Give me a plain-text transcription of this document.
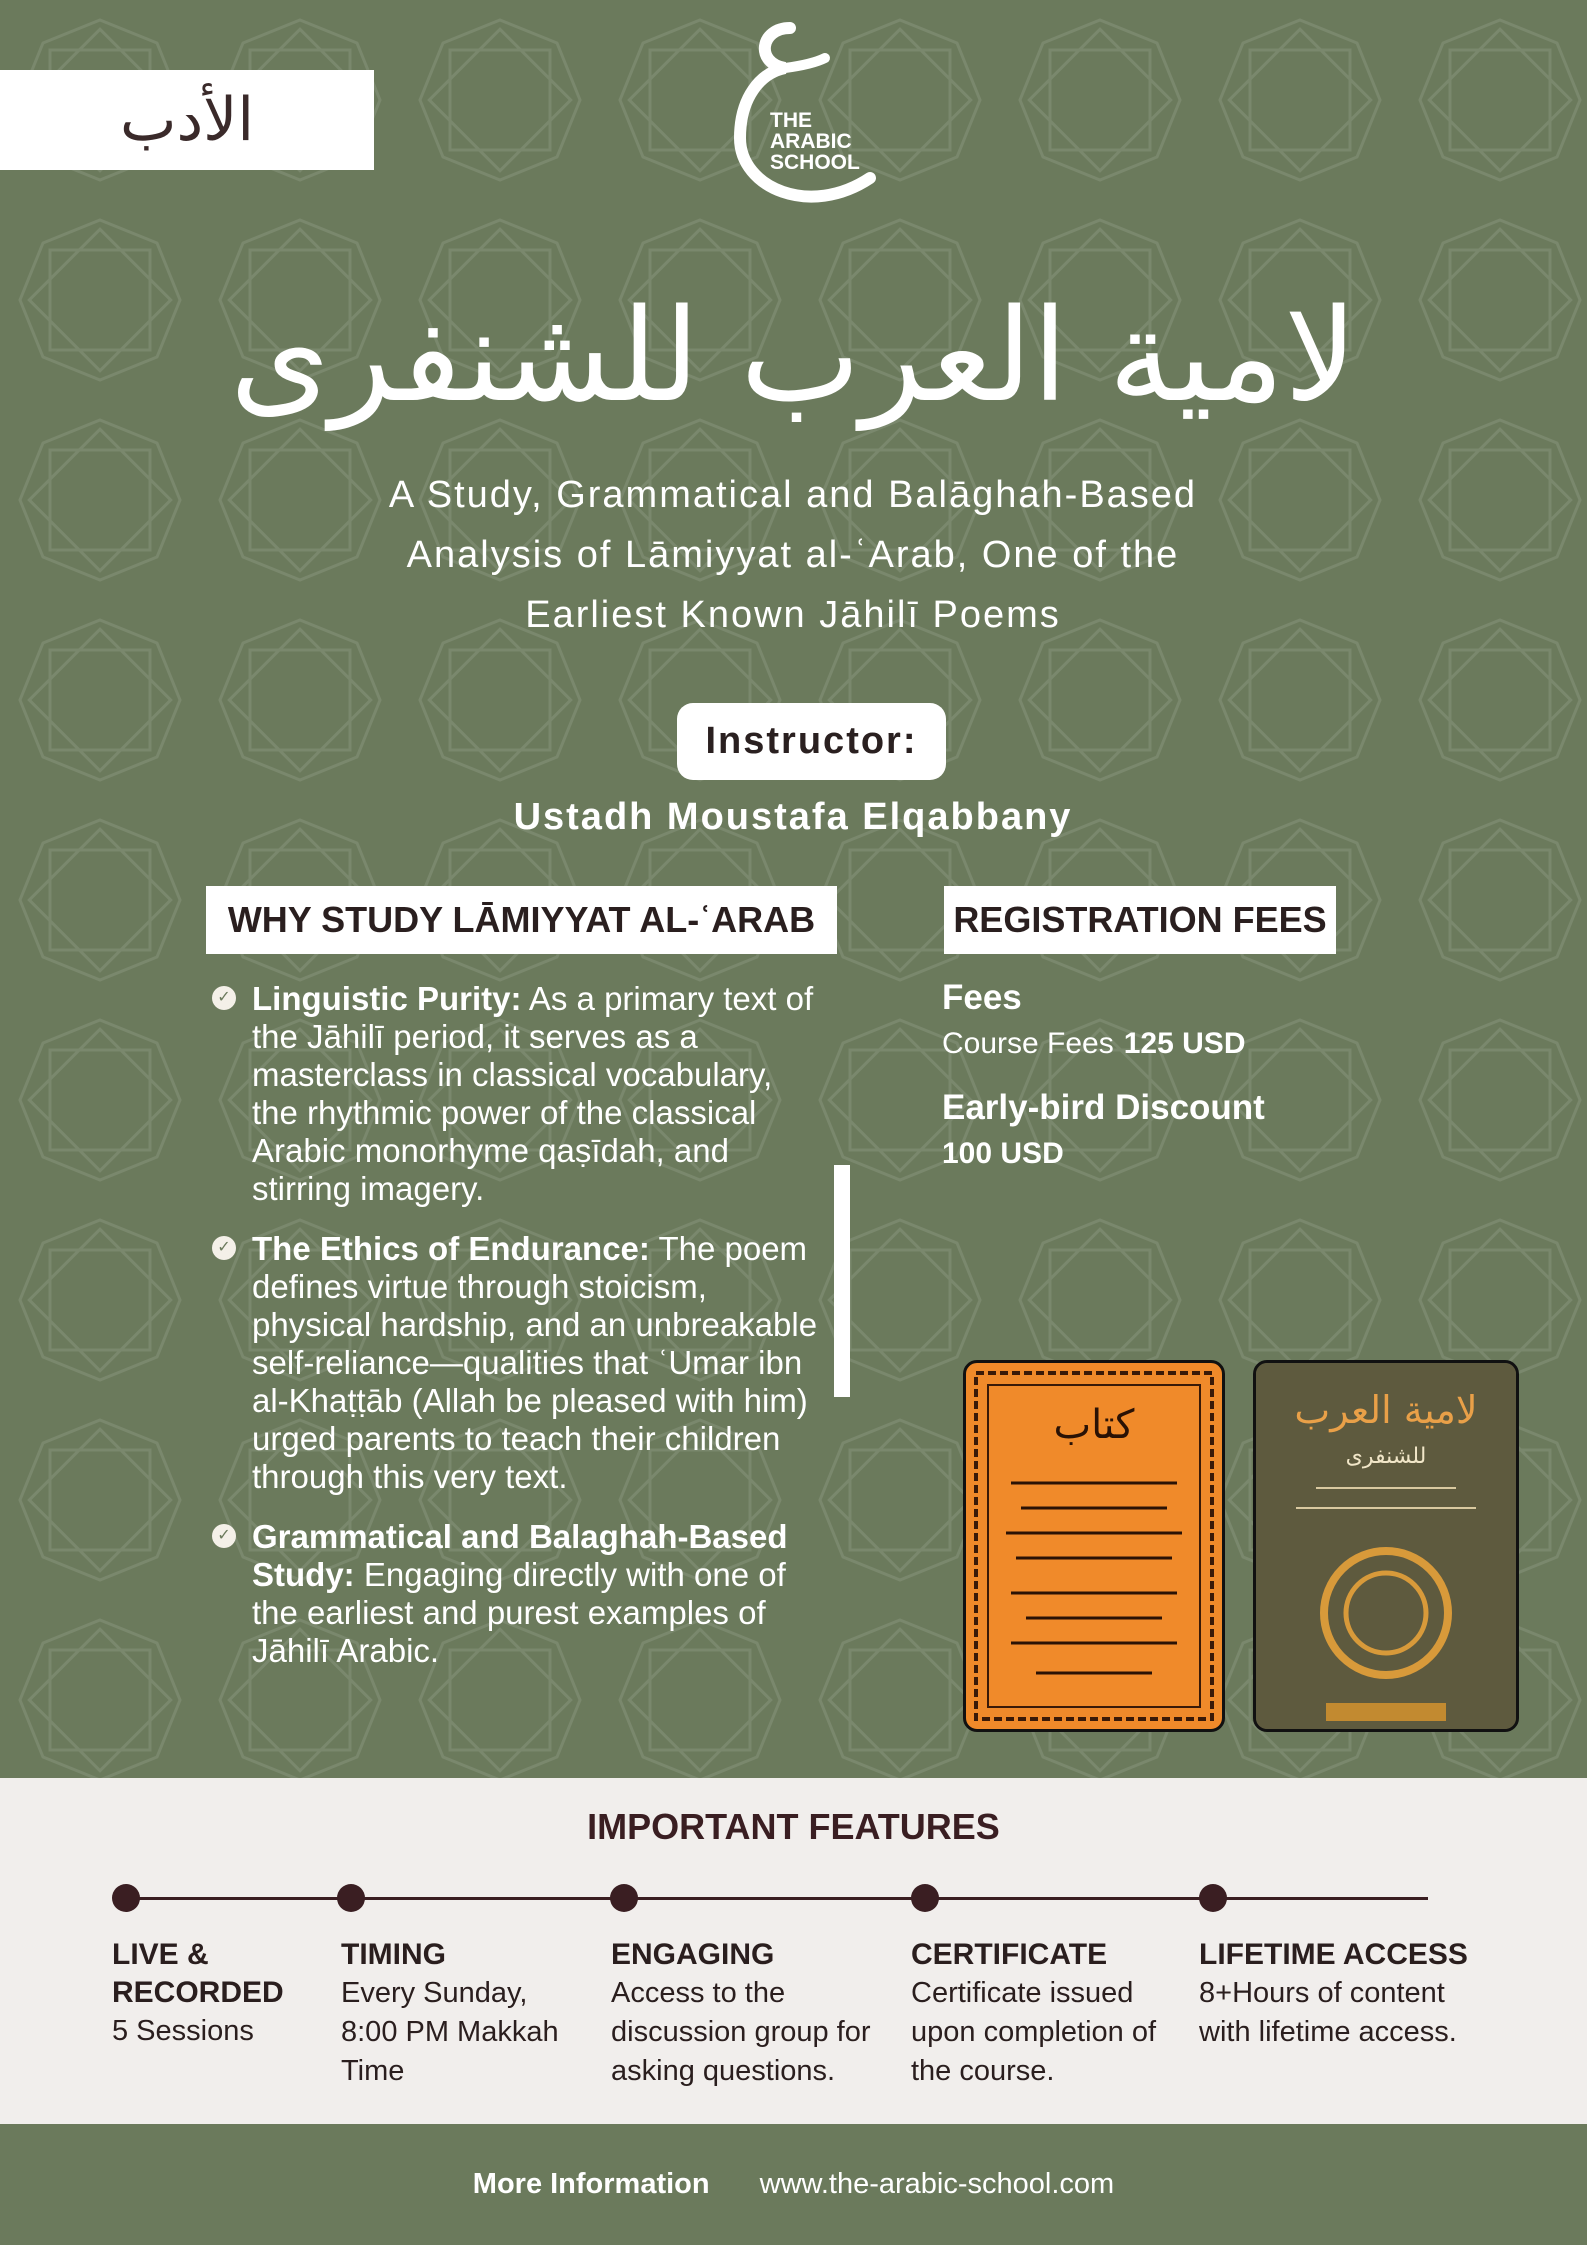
الأدب	THE
ARABIC
SCHOOL
لامية العرب للشنفرى
A Study, Grammatical and Balāghah-Based Analysis of Lāmiyyat al-ʿArab, One of the Earliest Known Jāhilī Poems
Instructor:
Ustadh Moustafa Elqabbany
WHY STUDY LĀMIYYAT AL-ʿARAB	REGISTRATION FEES
✓ Linguistic Purity: As a primary text of the Jāhilī period, it serves as a masterclass in classical vocabulary, the rhythmic power of the classical Arabic monorhyme qaṣīdah, and stirring imagery.
✓ The Ethics of Endurance: The poem defines virtue through stoicism, physical hardship, and an unbreakable self-reliance—qualities that ʿUmar ibn al-Khaṭṭāb (Allah be pleased with him) urged parents to teach their children through this very text.
✓ Grammatical and Balaghah-Based Study: Engaging directly with one of the earliest and purest examples of Jāhilī Arabic.
Fees
Course Fees 125 USD
Early-bird Discount
100 USD
كتاب	لامية العرب
للشنفرى
IMPORTANT FEATURES
LIVE & RECORDED
5 Sessions
TIMING
Every Sunday, 8:00 PM Makkah Time
ENGAGING
Access to the discussion group for asking questions.
CERTIFICATE
Certificate issued upon completion of the course.
LIFETIME ACCESS
8+Hours of content with lifetime access.
More Information www.the-arabic-school.com
